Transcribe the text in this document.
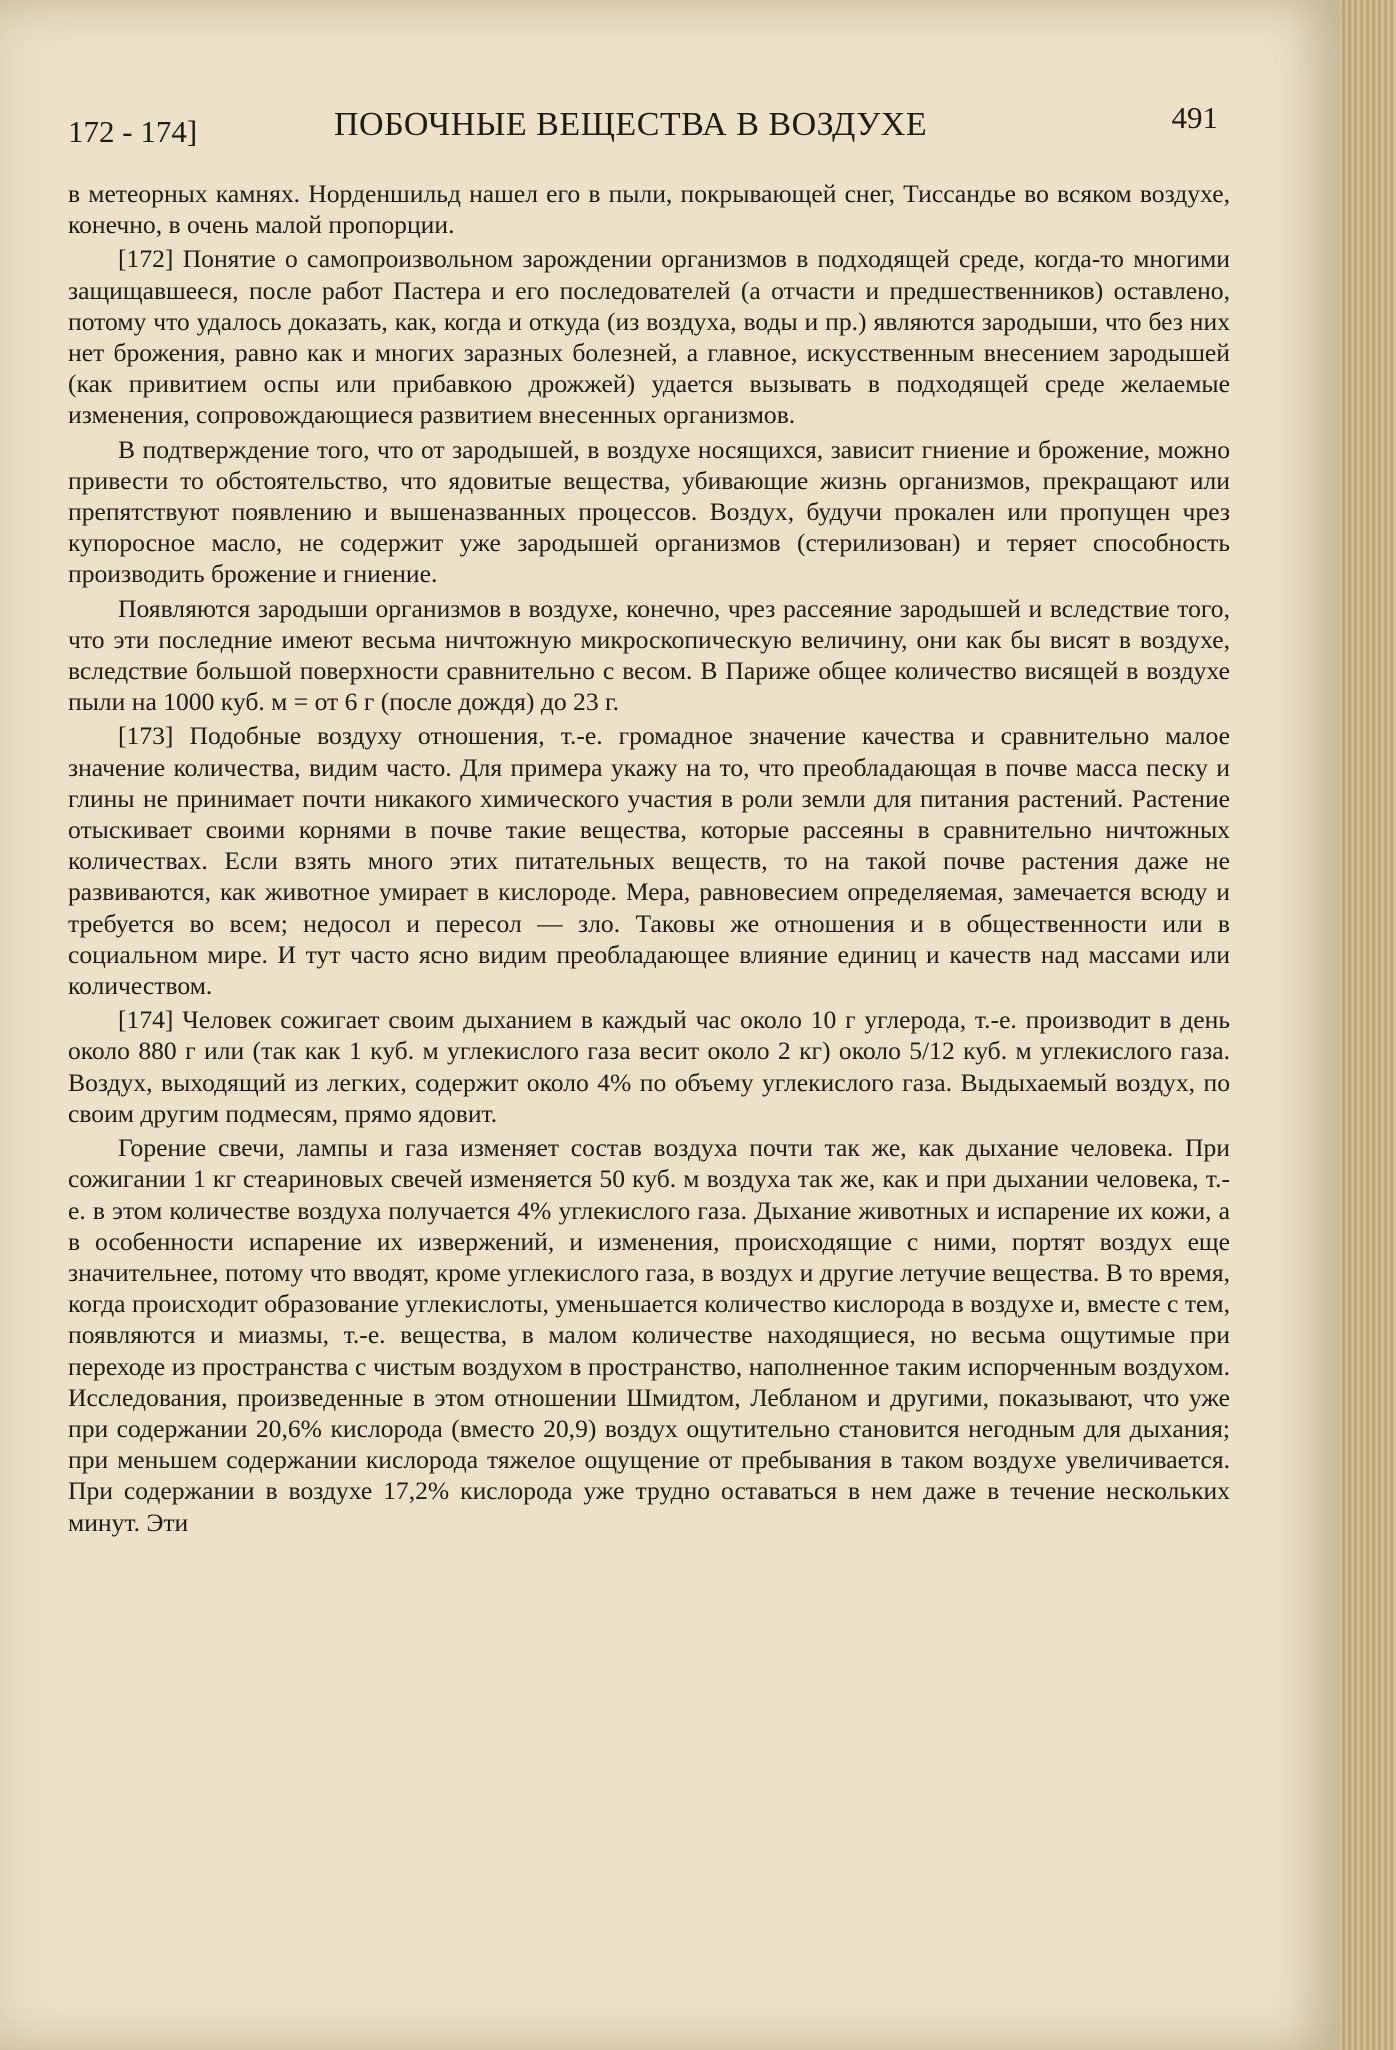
172 - 174]	ПОБОЧНЫЕ ВЕЩЕСТВА В ВОЗДУХЕ	491

в метеорных камнях. Норденшильд нашел его в пыли, покрывающей снег, Тиссандье во всяком воздухе, конечно, в очень малой пропорции.

[172] Понятие о самопроизвольном зарождении организмов в подходящей среде, когда-то многими защищавшееся, после работ Пастера и его последователей (а отчасти и предшественников) оставлено, потому что удалось доказать, как, когда и откуда (из воздуха, воды и пр.) являются зародыши, что без них нет брожения, равно как и многих заразных болезней, а главное, искусственным внесением зародышей (как привитием оспы или прибавкою дрожжей) удается вызывать в подходящей среде желаемые изменения, сопровождающиеся развитием внесенных организмов.

В подтверждение того, что от зародышей, в воздухе носящихся, зависит гниение и брожение, можно привести то обстоятельство, что ядовитые вещества, убивающие жизнь организмов, прекращают или препятствуют появлению и вышеназванных процессов. Воздух, будучи прокален или пропущен чрез купоросное масло, не содержит уже зародышей организмов (стерилизован) и теряет способность производить брожение и гниение.

Появляются зародыши организмов в воздухе, конечно, чрез рассеяние зародышей и вследствие того, что эти последние имеют весьма ничтожную микроскопическую величину, они как бы висят в воздухе, вследствие большой поверхности сравнительно с весом. В Париже общее количество висящей в воздухе пыли на 1000 куб. м = от 6 г (после дождя) до 23 г.

[173] Подобные воздуху отношения, т.-е. громадное значение качества и сравнительно малое значение количества, видим часто. Для примера укажу на то, что преобладающая в почве масса песку и глины не принимает почти никакого химического участия в роли земли для питания растений. Растение отыскивает своими корнями в почве такие вещества, которые рассеяны в сравнительно ничтожных количествах. Если взять много этих питательных веществ, то на такой почве растения даже не развиваются, как животное умирает в кислороде. Мера, равновесием определяемая, замечается всюду и требуется во всем; недосол и пересол — зло. Таковы же отношения и в общественности или в социальном мире. И тут часто ясно видим преобладающее влияние единиц и качеств над массами или количеством.

[174] Человек сожигает своим дыханием в каждый час около 10 г углерода, т.-е. производит в день около 880 г или (так как 1 куб. м углекислого газа весит около 2 кг) около 5/12 куб. м углекислого газа. Воздух, выходящий из легких, содержит около 4% по объему углекислого газа. Выдыхаемый воздух, по своим другим подмесям, прямо ядовит.

Горение свечи, лампы и газа изменяет состав воздуха почти так же, как дыхание человека. При сожигании 1 кг стеариновых свечей изменяется 50 куб. м воздуха так же, как и при дыхании человека, т.-е. в этом количестве воздуха получается 4% углекислого газа. Дыхание животных и испарение их кожи, а в особенности испарение их извержений, и изменения, происходящие с ними, портят воздух еще значительнее, потому что вводят, кроме углекислого газа, в воздух и другие летучие вещества. В то время, когда происходит образование углекислоты, уменьшается количество кислорода в воздухе и, вместе с тем, появляются и миазмы, т.-е. вещества, в малом количестве находящиеся, но весьма ощутимые при переходе из пространства с чистым воздухом в пространство, наполненное таким испорченным воздухом. Исследования, произведенные в этом отношении Шмидтом, Лебланом и другими, показывают, что уже при содержании 20,6% кислорода (вместо 20,9) воздух ощутительно становится негодным для дыхания; при меньшем содержании кислорода тяжелое ощущение от пребывания в таком воздухе увеличивается. При содержании в воздухе 17,2% кислорода уже трудно оставаться в нем даже в течение нескольких минут. Эти
